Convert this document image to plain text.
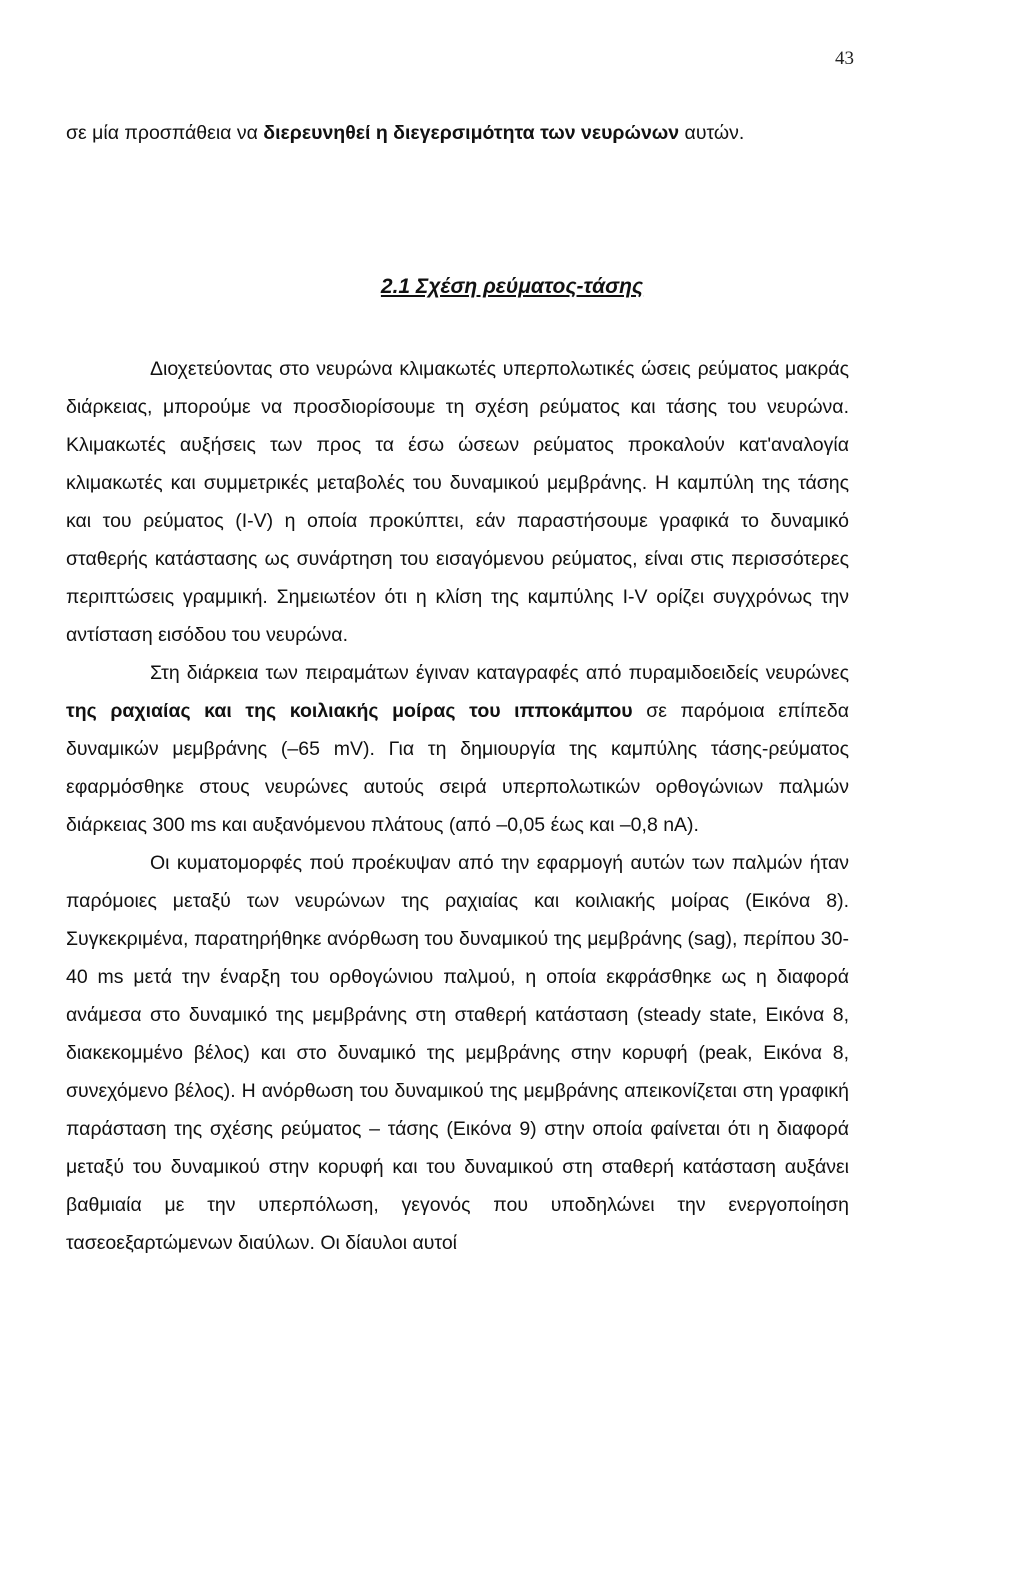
43

σε μία προσπάθεια να διερευνηθεί η διεγερσιμότητα των νευρώνων αυτών.

2.1 Σχέση ρεύματος-τάσης

Διοχετεύοντας στο νευρώνα κλιμακωτές υπερπολωτικές ώσεις ρεύματος μακράς διάρκειας, μπορούμε να προσδιορίσουμε τη σχέση ρεύματος και τάσης του νευρώνα. Κλιμακωτές αυξήσεις των προς τα έσω ώσεων ρεύματος προκαλούν κατ'αναλογία κλιμακωτές και συμμετρικές μεταβολές του δυναμικού μεμβράνης. Η καμπύλη της τάσης και του ρεύματος (I-V) η οποία προκύπτει, εάν παραστήσουμε γραφικά το δυναμικό σταθερής κατάστασης ως συνάρτηση του εισαγόμενου ρεύματος, είναι στις περισσότερες περιπτώσεις γραμμική. Σημειωτέον ότι η κλίση της καμπύλης I-V ορίζει συγχρόνως την αντίσταση εισόδου του νευρώνα.

Στη διάρκεια των πειραμάτων έγιναν καταγραφές από πυραμιδοειδείς νευρώνες της ραχιαίας και της κοιλιακής μοίρας του ιπποκάμπου σε παρόμοια επίπεδα δυναμικών μεμβράνης (–65 mV). Για τη δημιουργία της καμπύλης τάσης-ρεύματος εφαρμόσθηκε στους νευρώνες αυτούς σειρά υπερπολωτικών ορθογώνιων παλμών διάρκειας 300 ms και αυξανόμενου πλάτους (από –0,05 έως και –0,8 nA).

Οι κυματομορφές πού προέκυψαν από την εφαρμογή αυτών των παλμών ήταν παρόμοιες μεταξύ των νευρώνων της ραχιαίας και κοιλιακής μοίρας (Εικόνα 8). Συγκεκριμένα, παρατηρήθηκε ανόρθωση του δυναμικού της μεμβράνης (sag), περίπου 30-40 ms μετά την έναρξη του ορθογώνιου παλμού, η οποία εκφράσθηκε ως η διαφορά ανάμεσα στο δυναμικό της μεμβράνης στη σταθερή κατάσταση (steady state, Εικόνα 8, διακεκομμένο βέλος) και στο δυναμικό της μεμβράνης στην κορυφή (peak, Εικόνα 8, συνεχόμενο βέλος). Η ανόρθωση του δυναμικού της μεμβράνης απεικονίζεται στη γραφική παράσταση της σχέσης ρεύματος – τάσης (Εικόνα 9) στην οποία φαίνεται ότι η διαφορά μεταξύ του δυναμικού στην κορυφή και του δυναμικού στη σταθερή κατάσταση αυξάνει βαθμιαία με την υπερπόλωση, γεγονός που υποδηλώνει την ενεργοποίηση τασεοεξαρτώμενων διαύλων. Οι δίαυλοι αυτοί
